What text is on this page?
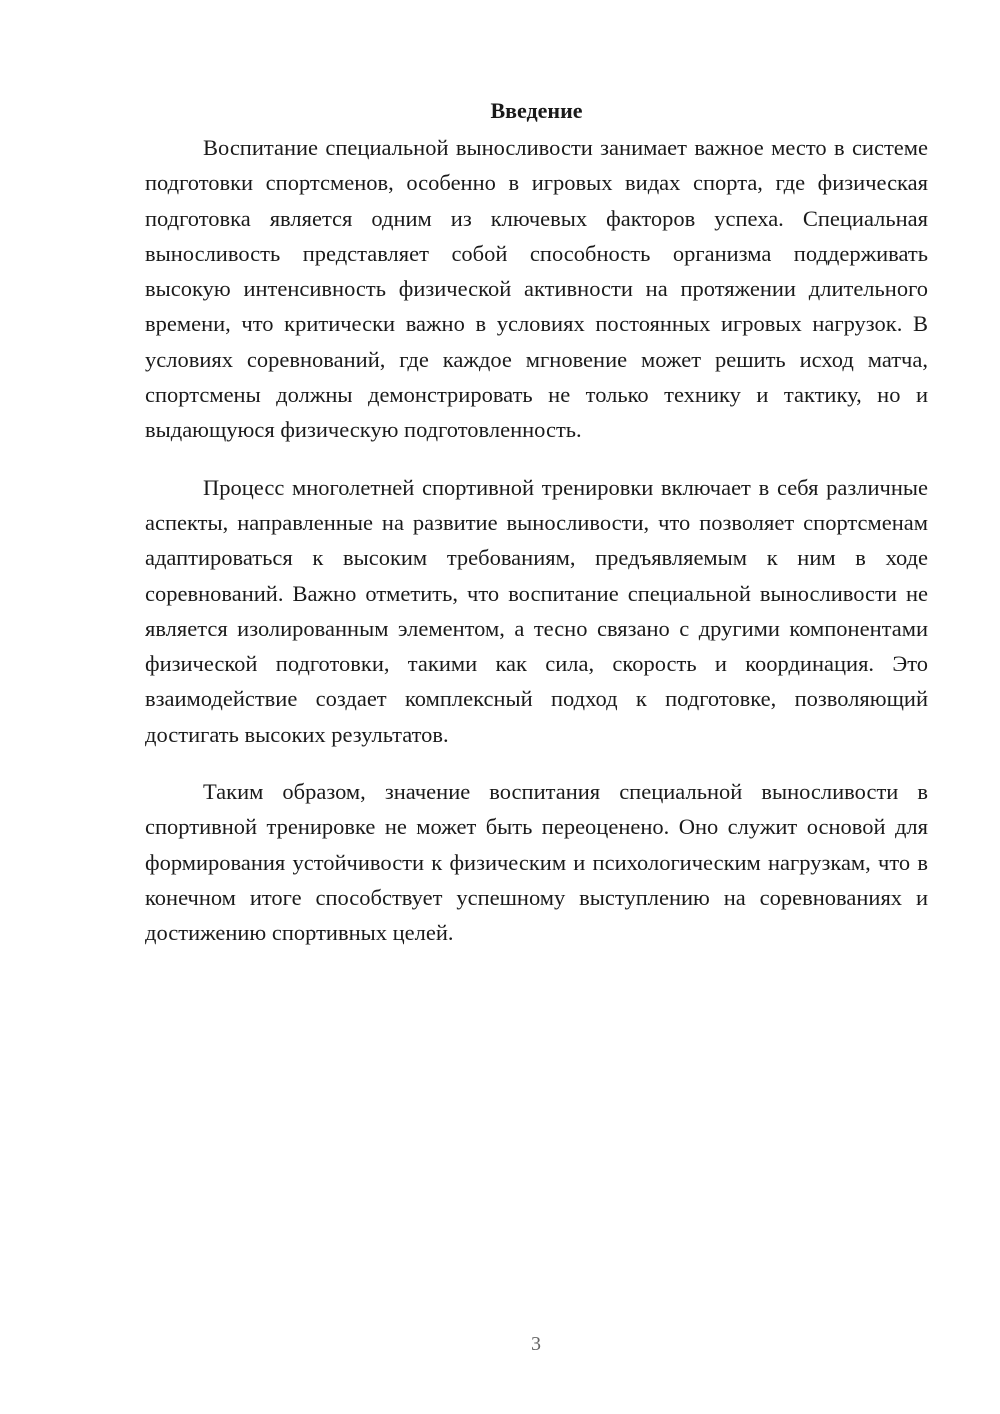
Введение

Воспитание специальной выносливости занимает важное место в системе подготовки спортсменов, особенно в игровых видах спорта, где физическая подготовка является одним из ключевых факторов успеха. Специальная выносливость представляет собой способность организма поддерживать высокую интенсивность физической активности на протяжении длительного времени, что критически важно в условиях постоянных игровых нагрузок. В условиях соревнований, где каждое мгновение может решить исход матча, спортсмены должны демонстрировать не только технику и тактику, но и выдающуюся физическую подготовленность.

Процесс многолетней спортивной тренировки включает в себя различные аспекты, направленные на развитие выносливости, что позволяет спортсменам адаптироваться к высоким требованиям, предъявляемым к ним в ходе соревнований. Важно отметить, что воспитание специальной выносливости не является изолированным элементом, а тесно связано с другими компонентами физической подготовки, такими как сила, скорость и координация. Это взаимодействие создает комплексный подход к подготовке, позволяющий достигать высоких результатов.

Таким образом, значение воспитания специальной выносливости в спортивной тренировке не может быть переоценено. Оно служит основой для формирования устойчивости к физическим и психологическим нагрузкам, что в конечном итоге способствует успешному выступлению на соревнованиях и достижению спортивных целей.

3
